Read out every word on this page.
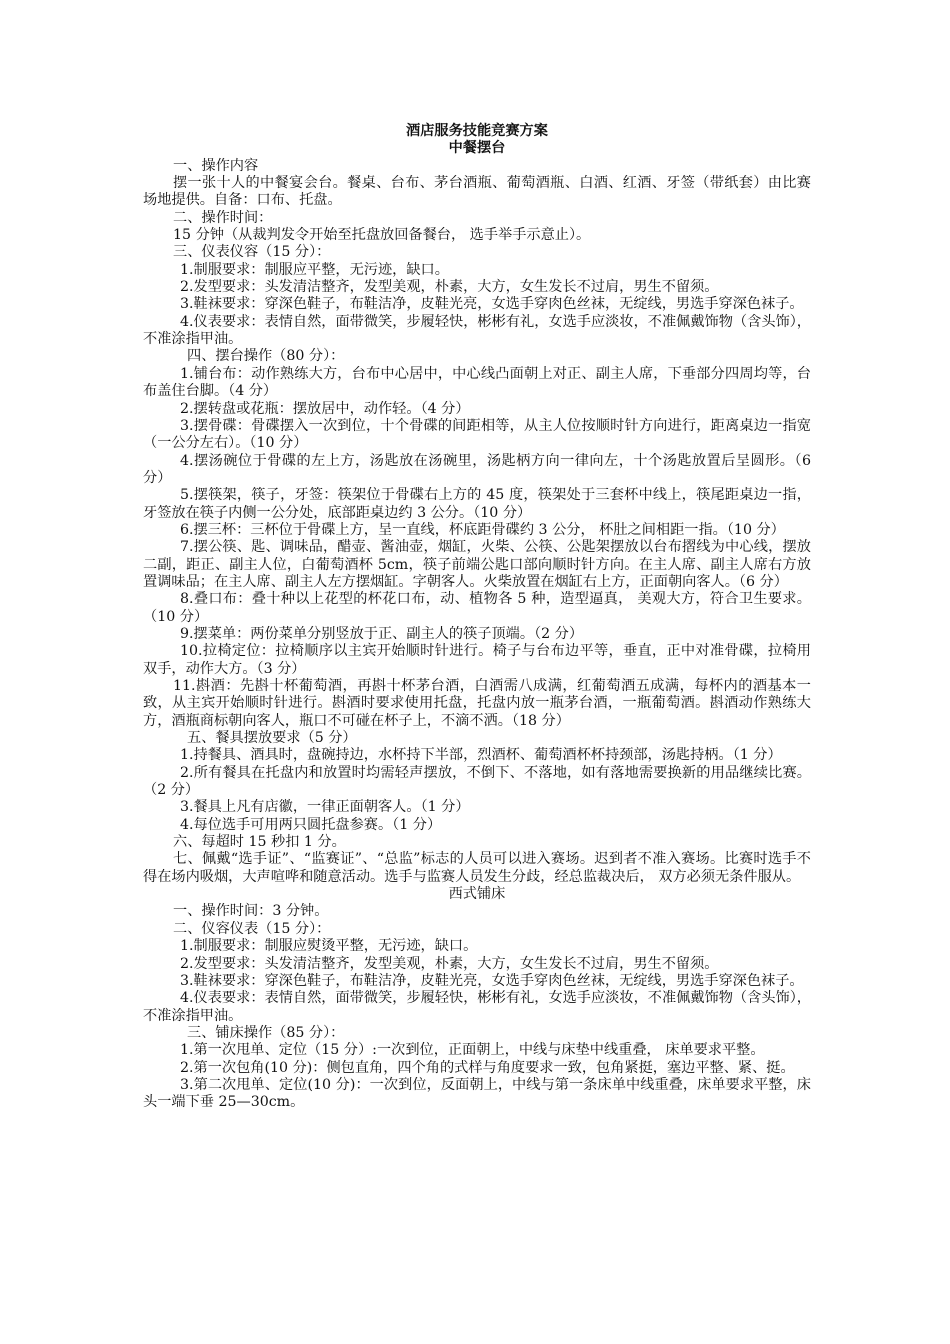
酒店服务技能竞赛方案
中餐摆台

一、操作内容

摆一张十人的中餐宴会台。餐桌、台布、茅台酒瓶、葡萄酒瓶、白酒、红酒、牙签（带纸套）由比赛场地提供。自备：口布、托盘。

二、操作时间：

15 分钟（从裁判发令开始至托盘放回备餐台， 选手举手示意止）。

三、仪表仪容（15 分）：

1.制服要求：制服应平整，无污迹，缺口。

2.发型要求：头发清洁整齐，发型美观，朴素，大方，女生发长不过肩，男生不留须。

3.鞋袜要求：穿深色鞋子，布鞋洁净，皮鞋光亮，女选手穿肉色丝袜，无绽线，男选手穿深色袜子。

4.仪表要求：表情自然，面带微笑，步履轻快，彬彬有礼，女选手应淡妆，不准佩戴饰物（含头饰），不准涂指甲油。

四、摆台操作（80 分）：

1.铺台布：动作熟练大方，台布中心居中，中心线凸面朝上对正、副主人席，下垂部分四周均等，台布盖住台脚。（4 分）

2.摆转盘或花瓶：摆放居中，动作轻。（4 分）

3.摆骨碟：骨碟摆入一次到位，十个骨碟的间距相等，从主人位按顺时针方向进行，距离桌边一指宽（一公分左右）。（10 分）

4.摆汤碗位于骨碟的左上方，汤匙放在汤碗里，汤匙柄方向一律向左，十个汤匙放置后呈圆形。（6 分）

5.摆筷架，筷子，牙签：筷架位于骨碟右上方的 45 度，筷架处于三套杯中线上，筷尾距桌边一指，牙签放在筷子内侧一公分处，底部距桌边约 3 公分。（10 分）

6.摆三杯：三杯位于骨碟上方，呈一直线，杯底距骨碟约 3 公分， 杯肚之间相距一指。（10 分）

7.摆公筷、匙、调味品，醋壶、酱油壶，烟缸，火柴、公筷、公匙架摆放以台布摺线为中心线，摆放二副，距正、副主人位，白葡萄酒杯 5cm，筷子前端公匙口部向顺时针方向。在主人席、副主人席右方放置调味品；在主人席、副主人左方摆烟缸。字朝客人。火柴放置在烟缸右上方，正面朝向客人。（6 分）

8.叠口布：叠十种以上花型的杯花口布，动、植物各 5 种，造型逼真， 美观大方，符合卫生要求。（10 分）

9.摆菜单：两份菜单分别竖放于正、副主人的筷子顶端。（2 分）

10.拉椅定位：拉椅顺序以主宾开始顺时针进行。椅子与台布边平等，垂直，正中对准骨碟，拉椅用双手，动作大方。（3 分）

11.斟酒：先斟十杯葡萄酒，再斟十杯茅台酒，白酒需八成满，红葡萄酒五成满，每杯内的酒基本一致，从主宾开始顺时针进行。斟酒时要求使用托盘，托盘内放一瓶茅台酒，一瓶葡萄酒。斟酒动作熟练大方，酒瓶商标朝向客人，瓶口不可碰在杯子上，不滴不洒。（18 分）

五、餐具摆放要求（5 分）

1.持餐具、酒具时，盘碗持边，水杯持下半部，烈酒杯、葡萄酒杯杯持颈部，汤匙持柄。（1 分）

2.所有餐具在托盘内和放置时均需轻声摆放，不倒下、不落地，如有落地需要换新的用品继续比赛。（2 分）

3.餐具上凡有店徽，一律正面朝客人。（1 分）

4.每位选手可用两只圆托盘参赛。（1 分）

六、每超时 15 秒扣 1 分。

七、佩戴“选手证”、“监赛证”、“总监”标志的人员可以进入赛场。迟到者不准入赛场。比赛时选手不得在场内吸烟，大声喧哗和随意活动。选手与监赛人员发生分歧，经总监裁决后， 双方必须无条件服从。

西式铺床

一、操作时间：3 分钟。

二、仪容仪表（15 分）：

1.制服要求：制服应熨烫平整，无污迹，缺口。

2.发型要求：头发清洁整齐，发型美观，朴素，大方，女生发长不过肩，男生不留须。

3.鞋袜要求：穿深色鞋子，布鞋洁净，皮鞋光亮，女选手穿肉色丝袜，无绽线，男选手穿深色袜子。

4.仪表要求：表情自然，面带微笑，步履轻快，彬彬有礼，女选手应淡妆，不准佩戴饰物（含头饰），不准涂指甲油。

三、铺床操作（85 分）：

1.第一次甩单、定位（15 分）:一次到位，正面朝上，中线与床垫中线重叠， 床单要求平整。

2.第一次包角(10 分)：侧包直角，四个角的式样与角度要求一致，包角紧挺，塞边平整、紧、挺。

3.第二次甩单、定位(10 分)：一次到位，反面朝上，中线与第一条床单中线重叠，床单要求平整，床头一端下垂 25—30cm。
